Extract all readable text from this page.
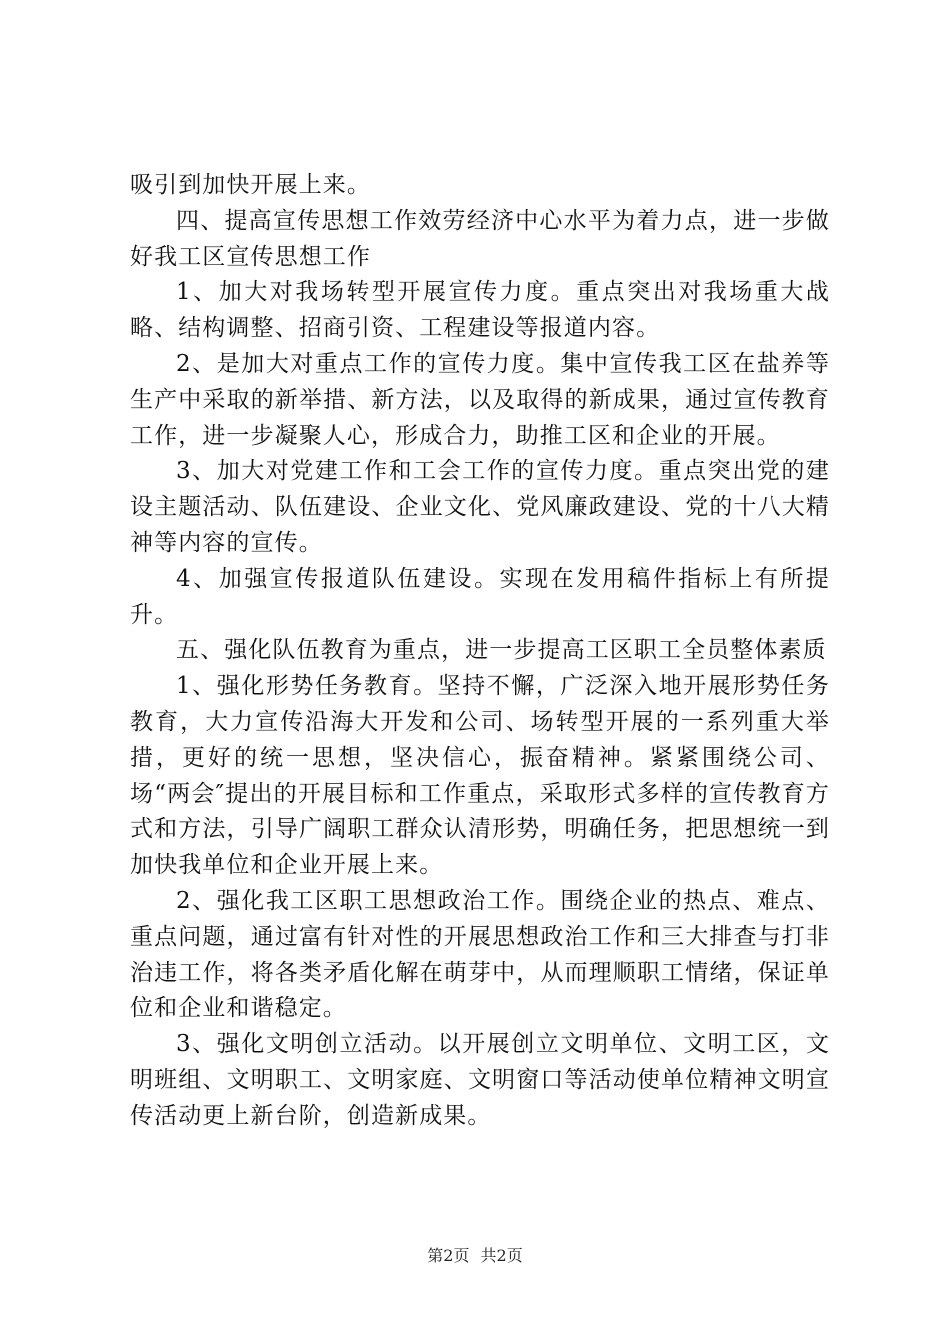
吸引到加快开展上来。

四、提高宣传思想工作效劳经济中心水平为着力点，进一步做好我工区宣传思想工作

1、加大对我场转型开展宣传力度。重点突出对我场重大战略、结构调整、招商引资、工程建设等报道内容。

2、是加大对重点工作的宣传力度。集中宣传我工区在盐养等生产中采取的新举措、新方法，以及取得的新成果，通过宣传教育工作，进一步凝聚人心，形成合力，助推工区和企业的开展。

3、加大对党建工作和工会工作的宣传力度。重点突出党的建设主题活动、队伍建设、企业文化、党风廉政建设、党的十八大精神等内容的宣传。

4、加强宣传报道队伍建设。实现在发用稿件指标上有所提升。

五、强化队伍教育为重点，进一步提高工区职工全员整体素质

1、强化形势任务教育。坚持不懈，广泛深入地开展形势任务教育，大力宣传沿海大开发和公司、场转型开展的一系列重大举措，更好的统一思想，坚决信心，振奋精神。紧紧围绕公司、场“两会″提出的开展目标和工作重点，采取形式多样的宣传教育方式和方法，引导广阔职工群众认清形势，明确任务，把思想统一到加快我单位和企业开展上来。

2、强化我工区职工思想政治工作。围绕企业的热点、难点、重点问题，通过富有针对性的开展思想政治工作和三大排查与打非治违工作，将各类矛盾化解在萌芽中，从而理顺职工情绪，保证单位和企业和谐稳定。

3、强化文明创立活动。以开展创立文明单位、文明工区，文明班组、文明职工、文明家庭、文明窗口等活动使单位精神文明宣传活动更上新台阶，创造新成果。

第2页 共2页
